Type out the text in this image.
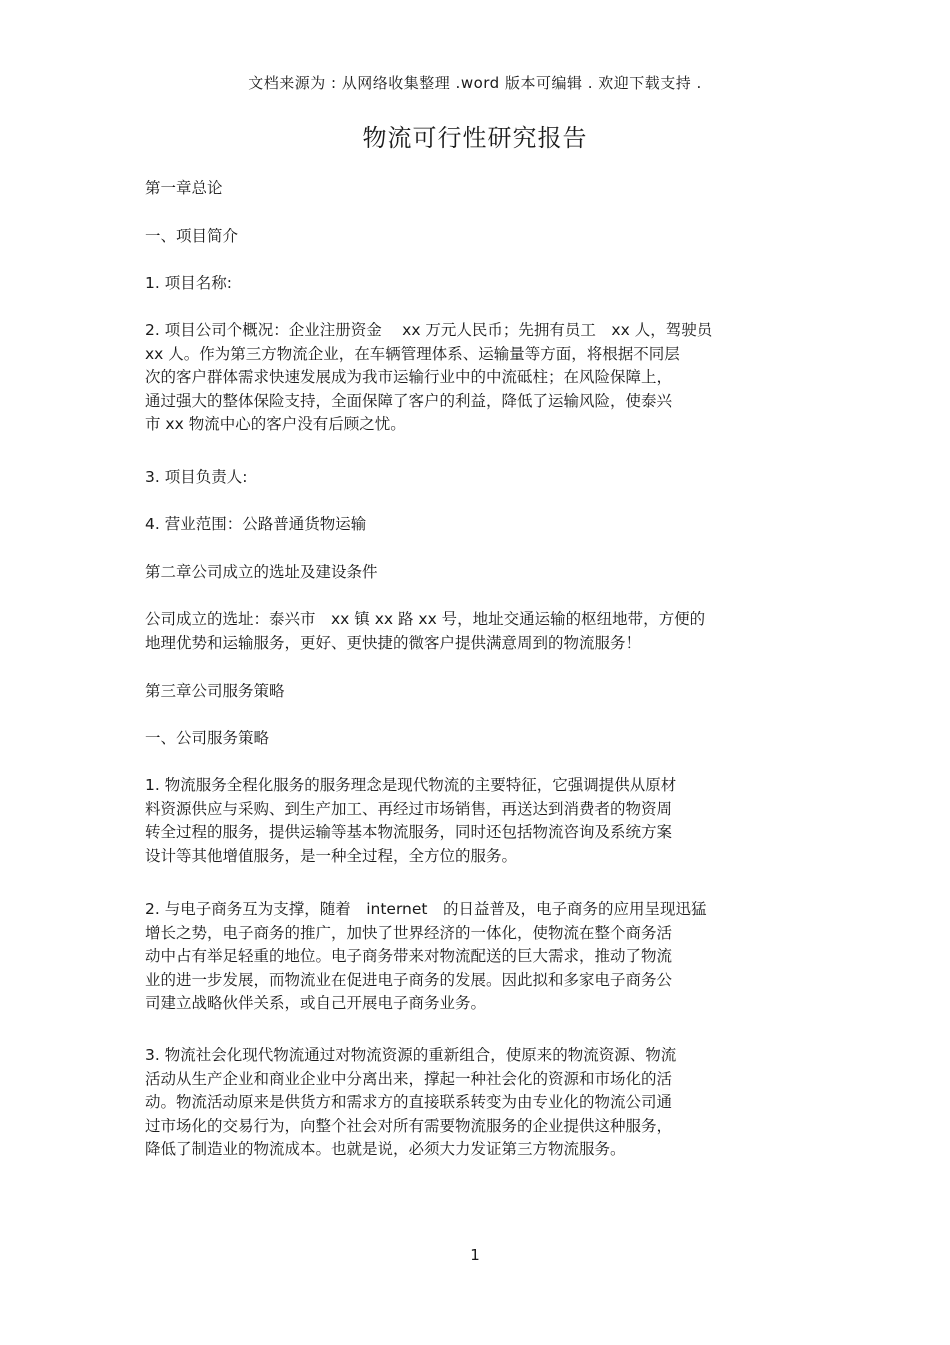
文档来源为 : 从网络收集整理 .word 版本可编辑 . 欢迎下载支持 .
物流可行性研究报告
第一章总论
一、项目简介
1. 项目名称:
2. 项目公司个概况：企业注册资金　 xx 万元人民币；先拥有员工　xx 人，驾驶员
xx 人。作为第三方物流企业，在车辆管理体系、运输量等方面，将根据不同层
次的客户群体需求快速发展成为我市运输行业中的中流砥柱；在风险保障上，
通过强大的整体保险支持，全面保障了客户的利益，降低了运输风险，使泰兴
市 xx 物流中心的客户没有后顾之忧。
3. 项目负责人:
4. 营业范围：公路普通货物运输
第二章公司成立的选址及建设条件
公司成立的选址：泰兴市　xx 镇 xx 路 xx 号，地址交通运输的枢纽地带，方便的
地理优势和运输服务，更好、更快捷的微客户提供满意周到的物流服务！
第三章公司服务策略
一、公司服务策略
1. 物流服务全程化服务的服务理念是现代物流的主要特征，它强调提供从原材
料资源供应与采购、到生产加工、再经过市场销售，再送达到消费者的物资周
转全过程的服务，提供运输等基本物流服务，同时还包括物流咨询及系统方案
设计等其他增值服务，是一种全过程，全方位的服务。
2. 与电子商务互为支撑，随着　internet　的日益普及，电子商务的应用呈现迅猛
增长之势，电子商务的推广，加快了世界经济的一体化，使物流在整个商务活
动中占有举足轻重的地位。电子商务带来对物流配送的巨大需求，推动了物流
业的进一步发展，而物流业在促进电子商务的发展。因此拟和多家电子商务公
司建立战略伙伴关系，或自己开展电子商务业务。
3. 物流社会化现代物流通过对物流资源的重新组合，使原来的物流资源、物流
活动从生产企业和商业企业中分离出来，撑起一种社会化的资源和市场化的活
动。物流活动原来是供货方和需求方的直接联系转变为由专业化的物流公司通
过市场化的交易行为，向整个社会对所有需要物流服务的企业提供这种服务，
降低了制造业的物流成本。也就是说，必须大力发证第三方物流服务。
1
